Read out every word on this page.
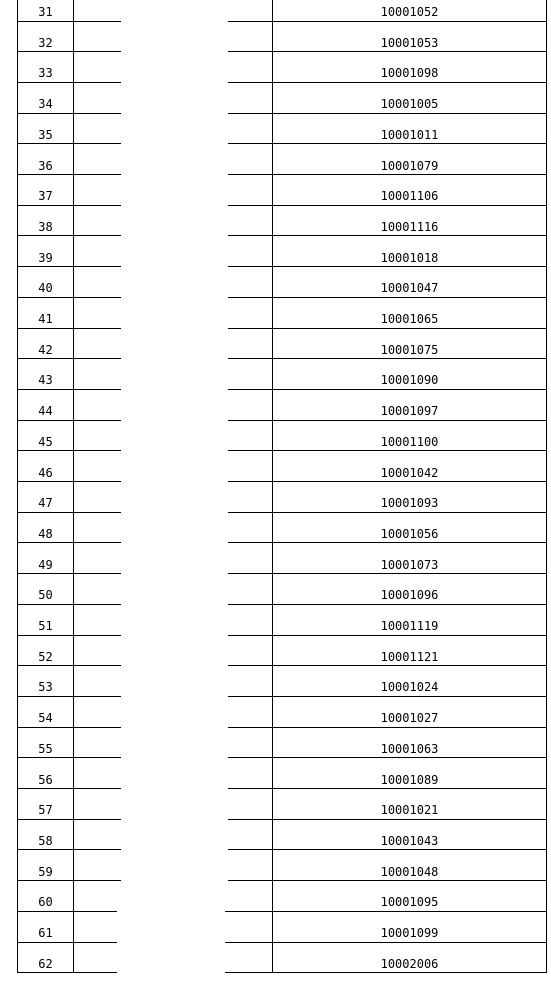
31	10001052
32	10001053
33	10001098
34	10001005
35	10001011
36	10001079
37	10001106
38	10001116
39	10001018
40	10001047
41	10001065
42	10001075
43	10001090
44	10001097
45	10001100
46	10001042
47	10001093
48	10001056
49	10001073
50	10001096
51	10001119
52	10001121
53	10001024
54	10001027
55	10001063
56	10001089
57	10001021
58	10001043
59	10001048
60	10001095
61	10001099
62	10002006
